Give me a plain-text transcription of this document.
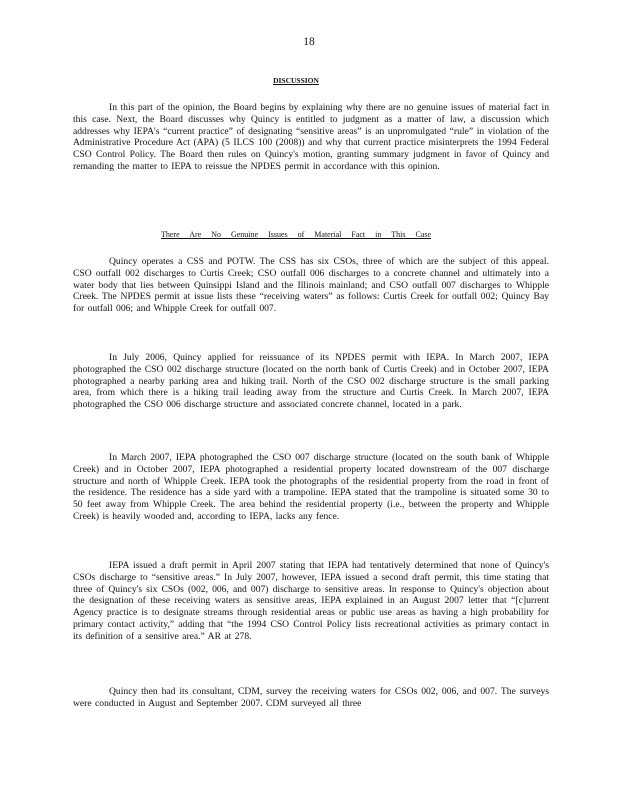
18
DISCUSSION
In this part of the opinion, the Board begins by explaining why there are no genuine issues of material fact in this case. Next, the Board discusses why Quincy is entitled to judgment as a matter of law, a discussion which addresses why IEPA's “current practice” of designating “sensitive areas” is an unpromulgated “rule” in violation of the Administrative Procedure Act (APA) (5 ILCS 100 (2008)) and why that current practice misinterprets the 1994 Federal CSO Control Policy. The Board then rules on Quincy's motion, granting summary judgment in favor of Quincy and remanding the matter to IEPA to reissue the NPDES permit in accordance with this opinion.
There Are No Genuine Issues of Material Fact in This Case
Quincy operates a CSS and POTW. The CSS has six CSOs, three of which are the subject of this appeal. CSO outfall 002 discharges to Curtis Creek; CSO outfall 006 discharges to a concrete channel and ultimately into a water body that lies between Quinsippi Island and the Illinois mainland; and CSO outfall 007 discharges to Whipple Creek. The NPDES permit at issue lists these “receiving waters” as follows: Curtis Creek for outfall 002; Quincy Bay for outfall 006; and Whipple Creek for outfall 007.
In July 2006, Quincy applied for reissuance of its NPDES permit with IEPA. In March 2007, IEPA photographed the CSO 002 discharge structure (located on the north bank of Curtis Creek) and in October 2007, IEPA photographed a nearby parking area and hiking trail. North of the CSO 002 discharge structure is the small parking area, from which there is a hiking trail leading away from the structure and Curtis Creek. In March 2007, IEPA photographed the CSO 006 discharge structure and associated concrete channel, located in a park.
In March 2007, IEPA photographed the CSO 007 discharge structure (located on the south bank of Whipple Creek) and in October 2007, IEPA photographed a residential property located downstream of the 007 discharge structure and north of Whipple Creek. IEPA took the photographs of the residential property from the road in front of the residence. The residence has a side yard with a trampoline. IEPA stated that the trampoline is situated some 30 to 50 feet away from Whipple Creek. The area behind the residential property (i.e., between the property and Whipple Creek) is heavily wooded and, according to IEPA, lacks any fence.
IEPA issued a draft permit in April 2007 stating that IEPA had tentatively determined that none of Quincy's CSOs discharge to “sensitive areas.” In July 2007, however, IEPA issued a second draft permit, this time stating that three of Quincy's six CSOs (002, 006, and 007) discharge to sensitive areas. In response to Quincy's objection about the designation of these receiving waters as sensitive areas, IEPA explained in an August 2007 letter that “[c]urrent Agency practice is to designate streams through residential areas or public use areas as having a high probability for primary contact activity,” adding that “the 1994 CSO Control Policy lists recreational activities as primary contact in its definition of a sensitive area.” AR at 278.
Quincy then had its consultant, CDM, survey the receiving waters for CSOs 002, 006, and 007. The surveys were conducted in August and September 2007. CDM surveyed all three
